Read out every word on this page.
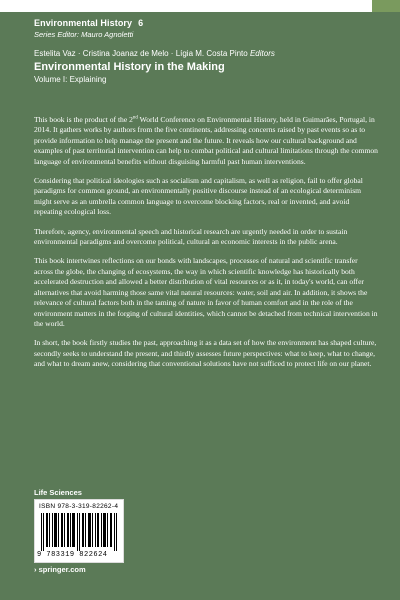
Environmental History 6
Series Editor: Mauro Agnoletti
Estelita Vaz · Cristina Joanaz de Melo · Lígia M. Costa Pinto Editors
Environmental History in the Making
Volume I: Explaining

This book is the product of the 2nd World Conference on Environmental History, held in Guimarães, Portugal, in 2014. It gathers works by authors from the five continents, addressing concerns raised by past events so as to provide information to help manage the present and the future. It reveals how our cultural background and examples of past territorial intervention can help to combat political and cultural limitations through the common language of environmental benefits without disguising harmful past human interventions.

Considering that political ideologies such as socialism and capitalism, as well as religion, fail to offer global paradigms for common ground, an environmentally positive discourse instead of an ecological determinism might serve as an umbrella common language to overcome blocking factors, real or invented, and avoid repeating ecological loss.

Therefore, agency, environmental speech and historical research are urgently needed in order to sustain environmental paradigms and overcome political, cultural an economic interests in the public arena.

This book intertwines reflections on our bonds with landscapes, processes of natural and scientific transfer across the globe, the changing of ecosystems, the way in which scientific knowledge has historically both accelerated destruction and allowed a better distribution of vital resources or as it, in today's world, can offer alternatives that avoid harming those same vital natural resources: water, soil and air. In addition, it shows the relevance of cultural factors both in the taming of nature in favor of human comfort and in the role of the environment matters in the forging of cultural identities, which cannot be detached from technical intervention in the world.

In short, the book firstly studies the past, approaching it as a data set of how the environment has shaped culture, secondly seeks to understand the present, and thirdly assesses future perspectives: what to keep, what to change, and what to dream anew, considering that conventional solutions have not sufficed to protect life on our planet.

Life Sciences
ISBN 978-3-319-82262-4
9 783319 822624
› springer.com
